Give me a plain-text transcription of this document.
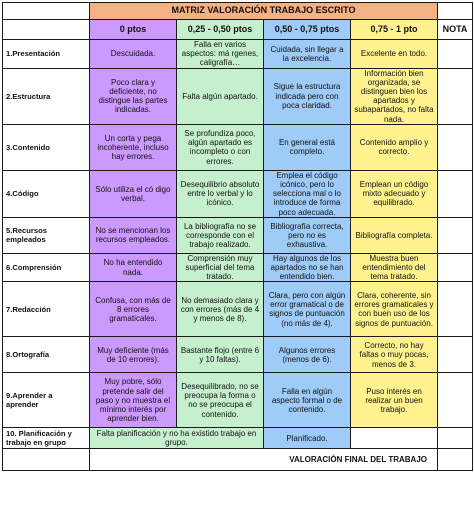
	MATRIZ VALORACIÓN TRABAJO ESCRITO				
	0 ptos	0,25 - 0,50 ptos	0,50 - 0,75 ptos	0,75 - 1 pto	NOTA
1.Presentación	Descuidada.	Falla en varios aspectos: má rgenes, caligrafía…	Cuidada, sin llegar a la excelencia.	Excelente en todo.	
2.Estructura	Poco clara y deficiente, no distingue las partes indicadas.	Falta algún apartado.	Sigue la estructura indicada pero con poca claridad.	Información bien organizada, se distinguen bien los apartados y subapartados, no falta nada.	
3.Contenido	Un corta y pega incoherente, incluso hay errores.	Se profundiza poco, algún apartado es incompleto o con errores.	En general está completo.	Contenido amplio y correcto.	
4.Código	Sólo utiliza el có digo verbal.	Desequilibrio absoluto entre lo verbal y lo icónico.	Emplea el código icónico, pero lo selecciona mal o lo introduce de forma poco adecuada.	Emplean un código mixto adecuado y equilibrado.	
5.Recursos empleados	No se mencionan los recursos empleados.	La bibliografía no se corresponde con el trabajo realizado.	Bibliografía correcta, pero no es exhaustiva.	Bibliografía completa.	
6.Comprensión	No ha entendido nada.	Comprensión muy superficial del tema tratado.	Hay algunos de los apartados no se han entendido bien.	Muestra buen entendimiento del tema tratado.	
7.Redacción	Confusa, con más de 8 errores gramaticales.	No demasiado clara y con errores (más de 4 y menos de 8).	Clara, pero con algún error gramatical o de signos de puntuación (no más de 4).	Clara, coherente, sin errores gramaticales y con buen uso de los signos de puntuación.	
8.Ortografía	Muy deficiente (más de 10 errores).	Bastante flojo (entre 6 y 10 faltas).	Algunos errores (menos de 6).	Correcto, no hay faltas o muy pocas, menos de 3.	
9.Aprender a aprender	Muy pobre, sólo pretende salir del paso y no muestra el mínimo interés por aprender bien.	Desequilibrado, no se preocupa la forma o no se preocupa el contenido.	Falla en algún aspecto formal o de contenido.	Puso interés en realizar un buen trabajo.	
10. Planificación y trabajo en grupo	Falta planificación y no ha existido trabajo en grupo.		Planificado.		
	VALORACIÓN FINAL DEL TRABAJO				
